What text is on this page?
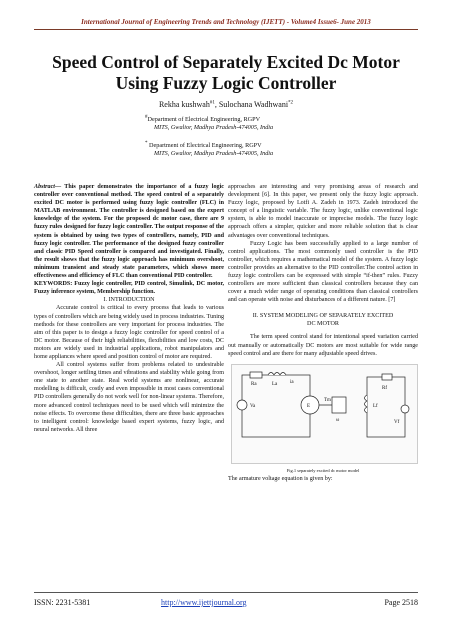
International Journal of Engineering Trends and Technology (IJETT) - Volume4 Issue6- June 2013
Speed Control of Separately Excited Dc Motor Using Fuzzy Logic Controller
Rekha kushwah$^{\#1}$, Sulochana Wadhwani$^{*2}$
#Department of Electrical Engineering, RGPV
MITS, Gwalior, Madhya Pradesh-474005, India
* Department of Electrical Engineering, RGPV
MITS, Gwalior, Madhya Pradesh-474005, India

Abstract— This paper demonstrates the importance of a fuzzy logic controller over conventional method. The speed control of a separately excited DC motor is performed using fuzzy logic controller (FLC) in MATLAB environment. The controller is designed based on the expert knowledge of the system. For the proposed dc motor case, there are 9 fuzzy rules designed for fuzzy logic controller. The output response of the system is obtained by using two types of controllers, namely, PID and fuzzy logic controller. The performance of the designed fuzzy controller and classic PID Speed controller is compared and investigated. Finally, the result shows that the fuzzy logic approach has minimum overshoot, minimum transient and steady state parameters, which shows more effectiveness and efficiency of FLC than conventional PID controller.

KEYWORDS: Fuzzy logic controller, PID control, Simulink, DC motor, Fuzzy inference system, Membership function.

I. INTRODUCTION

Accurate control is critical to every process that leads to various types of controllers which are being widely used in process industries. Tuning methods for these controllers are very important for process industries. The aim of this paper is to design a fuzzy logic controller for speed control of a DC motor. Because of their high reliabilities, flexibilities and low costs, DC motors are widely used in industrial applications, robot manipulators and home appliances where speed and position control of motor are required.

All control systems suffer from problems related to undesirable overshoot, longer settling times and vibrations and stability while going from one state to another state. Real world systems are nonlinear, accurate modelling is difficult, costly and even impossible in most cases conventional PID controllers generally do not work well for non-linear systems. Therefore, more advanced control techniques need to be used which will minimize the noise effects. To overcome these difficulties, there are three basic approaches to intelligent control: knowledge based expert systems, fuzzy logic, and neural networks. All three

approaches are interesting and very promising areas of research and development [6]. In this paper, we present only the fuzzy logic approach. Fuzzy logic, proposed by Lotfi A. Zadeh in 1973. Zadeh introduced the concept of a linguistic variable. The fuzzy logic, unlike conventional logic system, is able to model inaccurate or imprecise models. The fuzzy logic approach offers a simpler, quicker and more reliable solution that is clear advantages over conventional techniques.

Fuzzy Logic has been successfully applied to a large number of control applications. The most commonly used controller is the PID controller, which requires a mathematical model of the system. A fuzzy logic controller provides an alternative to the PID controller.The control action in fuzzy logic controllers can be expressed with simple “if-then” rules. Fuzzy controllers are more sufficient than classical controllers because they can cover a much wider range of operating conditions than classical controllers and can operate with noise and disturbances of a different nature. [7]

II. SYSTEM MODELING OF SEPARATELY EXCITED
DC MOTOR

The term speed control stand for intentional speed variation carried out manually or automatically DC motors are most suitable for wide range speed control and are there for many adjustable speed drives.

Ra	La	ia
Va	E
Tm
ω
Rf
Lf
Vf
Fig.1 separately excited dc motor model

The armature voltage equation is given by:

ISSN: 2231-5381	http://www.ijettjournal.org	Page 2518
